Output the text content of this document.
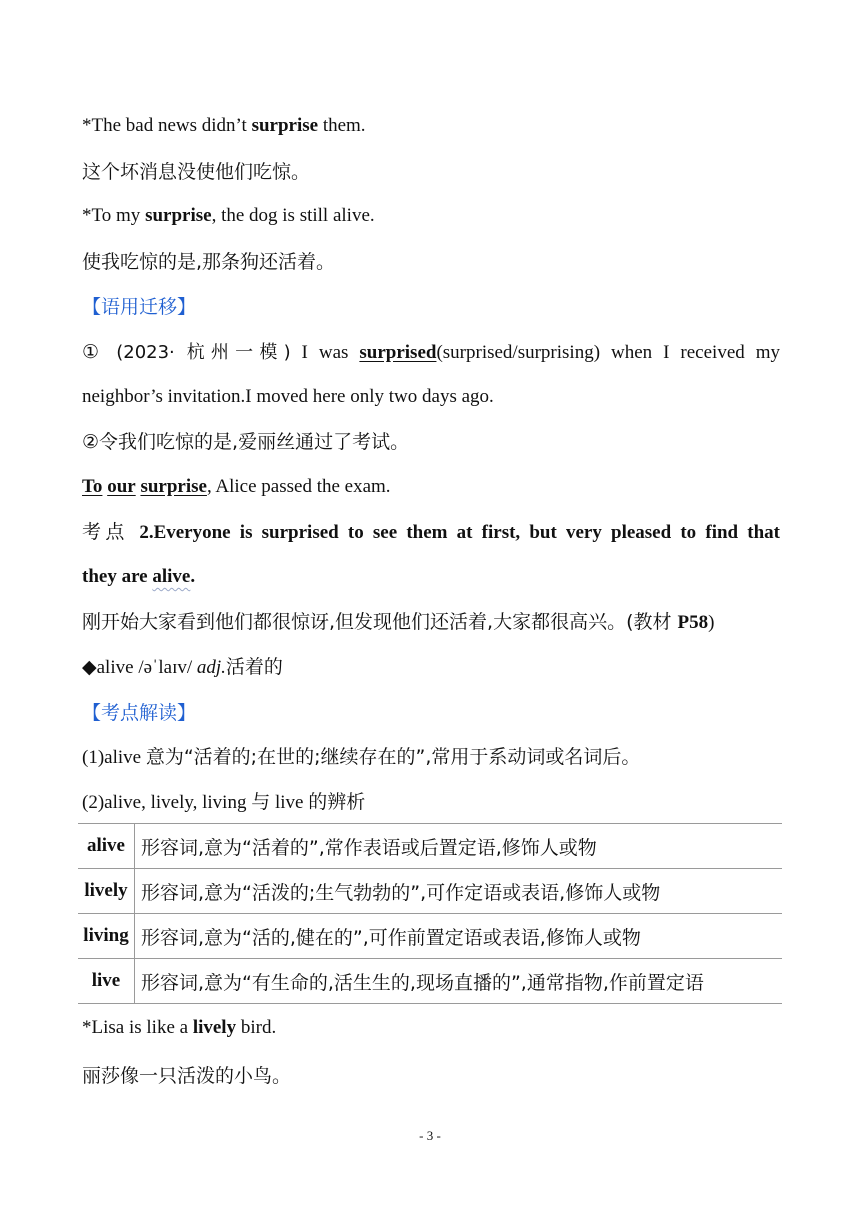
*The bad news didn’t surprise them.
这个坏消息没使他们吃惊。
*To my surprise, the dog is still alive.
使我吃惊的是,那条狗还活着。
【语用迁移】
① (2023· 杭州一模) I was surprised(surprised/surprising) when I received my
neighbor’s invitation.I moved here only two days ago.
②令我们吃惊的是,爱丽丝通过了考试。
To our surprise, Alice passed the exam.
考点 2.Everyone is surprised to see them at first, but very pleased to find that
they are alive.
刚开始大家看到他们都很惊讶,但发现他们还活着,大家都很高兴。(教材 P58)
◆alive /əˈlaɪv/ adj.活着的
【考点解读】
(1)alive 意为“活着的;在世的;继续存在的”,常用于系动词或名词后。
(2)alive, lively, living 与 live 的辨析
alive	形容词,意为“活着的”,常作表语或后置定语,修饰人或物
lively	形容词,意为“活泼的;生气勃勃的”,可作定语或表语,修饰人或物
living	形容词,意为“活的,健在的”,可作前置定语或表语,修饰人或物
live	形容词,意为“有生命的,活生生的,现场直播的”,通常指物,作前置定语
*Lisa is like a lively bird.
丽莎像一只活泼的小鸟。
- 3 -
